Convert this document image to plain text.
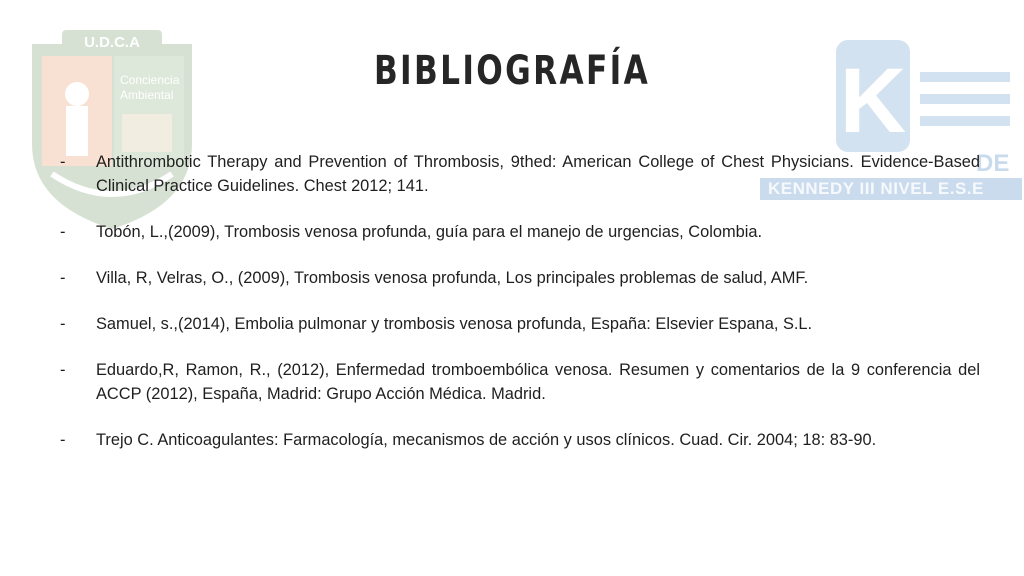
U.D.C.A
Conciencia
Ambiental	K
DE
KENNEDY III NIVEL E.S.E
BIBLIOGRAFÍA
- Antithrombotic Therapy and Prevention of Thrombosis, 9thed: American College of Chest Physicians. Evidence-Based Clinical Practice Guidelines. Chest 2012; 141.
- Tobón, L.,(2009), Trombosis venosa profunda, guía para el manejo de urgencias, Colombia.
- Villa, R, Velras, O., (2009), Trombosis venosa profunda, Los principales problemas de salud, AMF.
- Samuel, s.,(2014), Embolia pulmonar y trombosis venosa profunda, España: Elsevier Espana, S.L.
- Eduardo,R, Ramon, R., (2012), Enfermedad tromboembólica venosa. Resumen y comentarios de la 9 conferencia del ACCP (2012), España, Madrid: Grupo Acción Médica. Madrid.
- Trejo C. Anticoagulantes: Farmacología, mecanismos de acción y usos clínicos. Cuad. Cir. 2004; 18: 83-90.
